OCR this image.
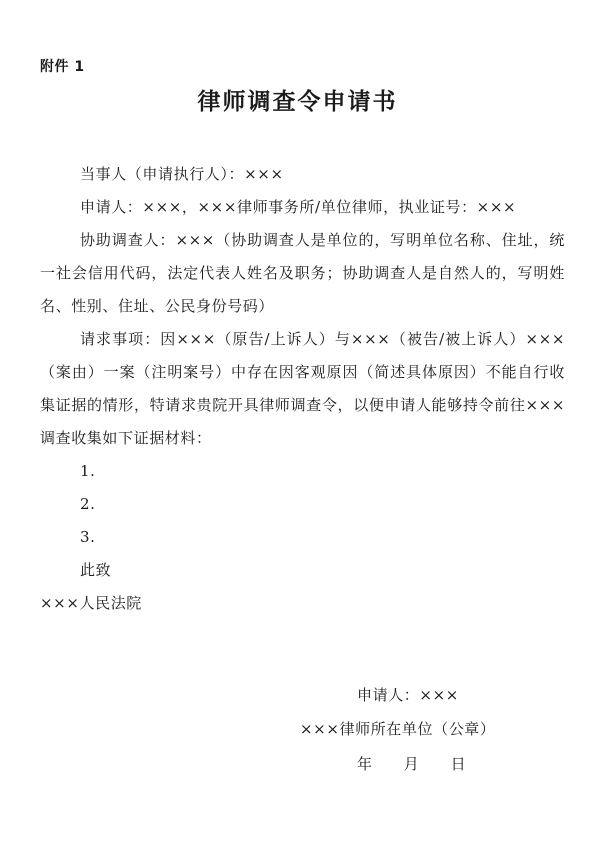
附件 1
律师调查令申请书

当事人（申请执行人）：×××

申请人：×××，×××律师事务所/单位律师，执业证号：×××

协助调查人：×××（协助调查人是单位的，写明单位名称、住址，统一社会信用代码，法定代表人姓名及职务；协助调查人是自然人的，写明姓名、性别、住址、公民身份号码）

请求事项：因×××（原告/上诉人）与×××（被告/被上诉人）×××（案由）一案（注明案号）中存在因客观原因（简述具体原因）不能自行收集证据的情形，特请求贵院开具律师调查令，以便申请人能够持令前往×××调查收集如下证据材料：

1.

2.

3.

此致

×××人民法院

申请人：×××
×××律师所在单位（公章）
年　　月　　日
